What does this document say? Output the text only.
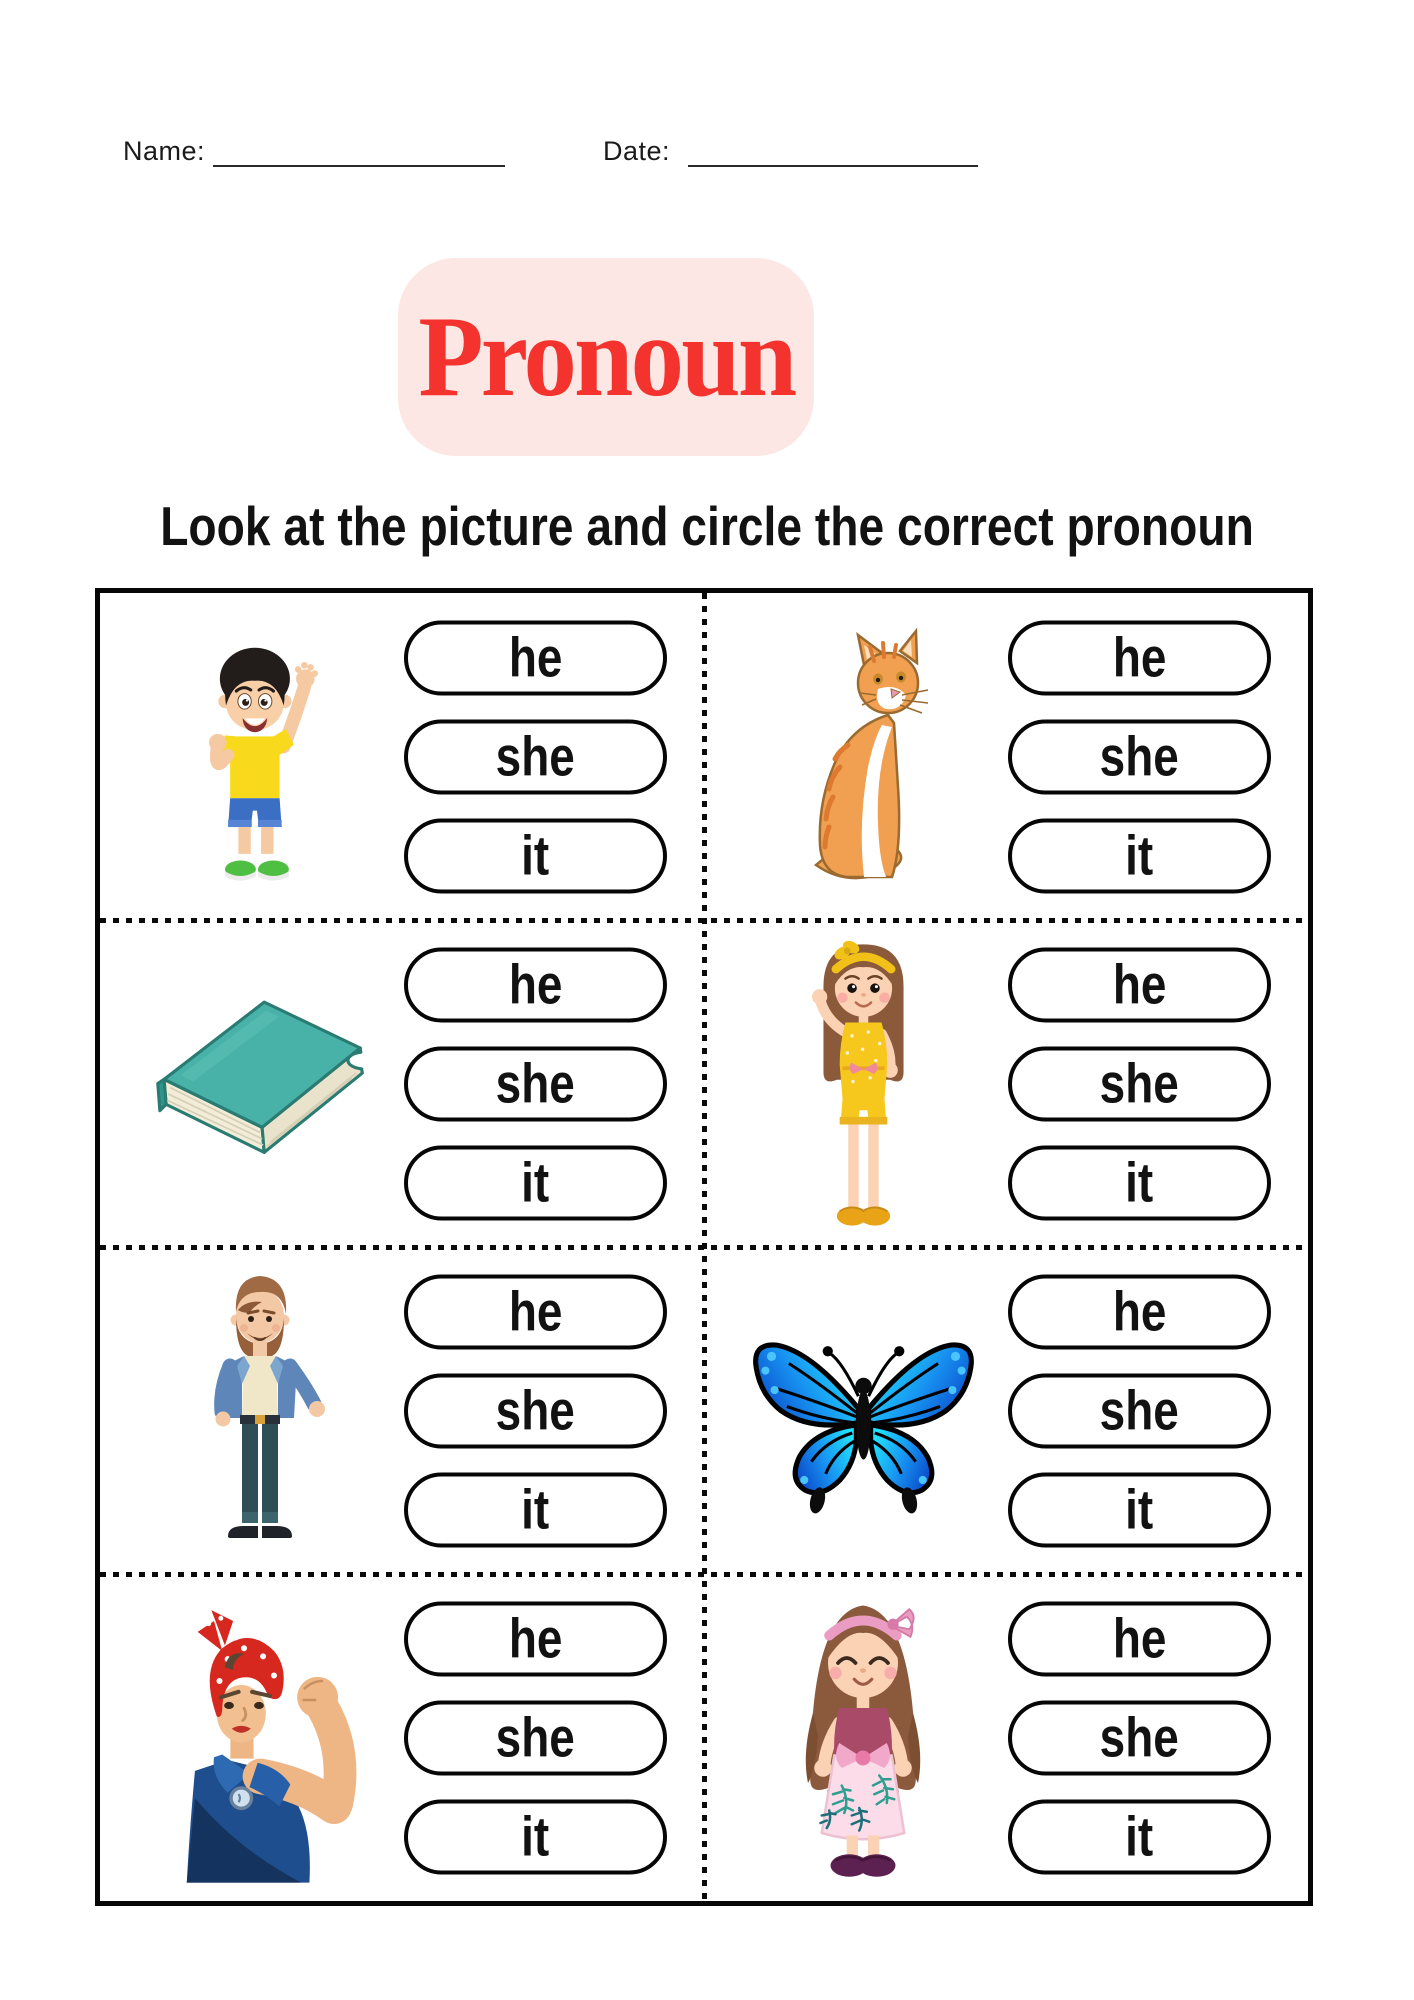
Name:	Date:
Pronoun
Look at the picture and circle the correct pronoun
he
she
it
he
she
it
he
she
it
he
she
it
he
she
it
he
she
it
he
she
it
he
she
it
